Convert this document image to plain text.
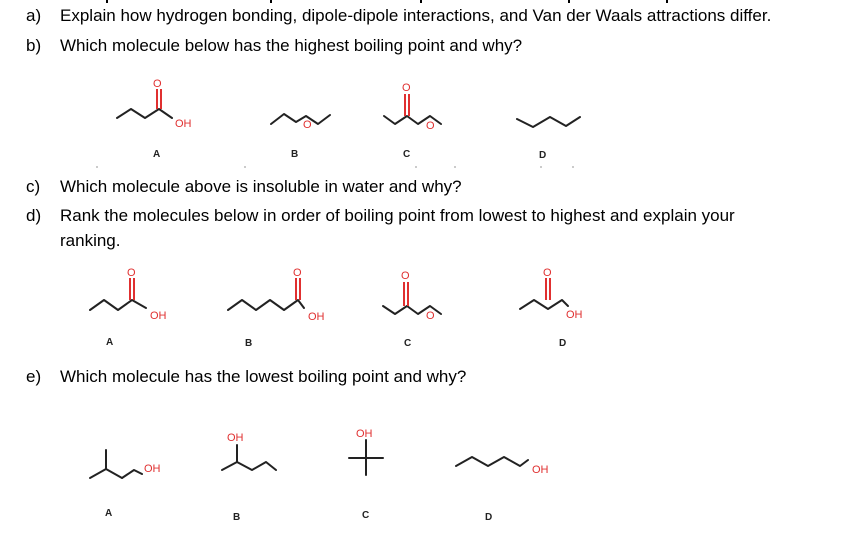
a) Explain how hydrogen bonding, dipole-dipole interactions, and Van der Waals attractions differ.
b) Which molecule below has the highest boiling point and why?
c) Which molecule above is insoluble in water and why?
d) Rank the molecules below in order of boiling point from lowest to highest and explain your
ranking.
e) Which molecule has the lowest boiling point and why?
O
OH
A
O
B
O
O
C	D
O
OH
A
O
OH
B
O
O
C
O
OH
D
OH
A
OH
B
OH
C
OH
D
